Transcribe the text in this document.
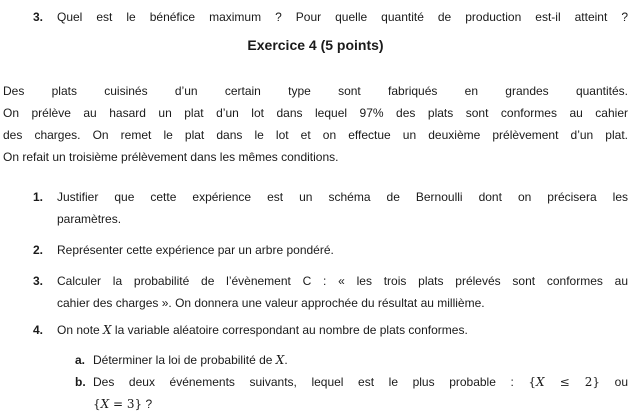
3.	Quel est le bénéfice maximum ? Pour quelle quantité de production est-il atteint ?
Exercice 4 (5 points)
Des plats cuisinés d’un certain type sont fabriqués en grandes quantités.
On prélève au hasard un plat d’un lot dans lequel 97% des plats sont conformes au cahier
des charges. On remet le plat dans le lot et on effectue un deuxième prélèvement d’un plat.
On refait un troisième prélèvement dans les mêmes conditions.
1.	Justifier que cette expérience est un schéma de Bernoulli dont on précisera les
paramètres.
2.	Représenter cette expérience par un arbre pondéré.
3.	Calculer la probabilité de l’évènement C : « les trois plats prélevés sont conformes au
cahier des charges ». On donnera une valeur approchée du résultat au millième.
4.	On note X la variable aléatoire correspondant au nombre de plats conformes.
a. Déterminer la loi de probabilité de X.
b. Des deux événements suivants, lequel est le plus probable : {X ≤ 2} ou
{X = 3} ?
